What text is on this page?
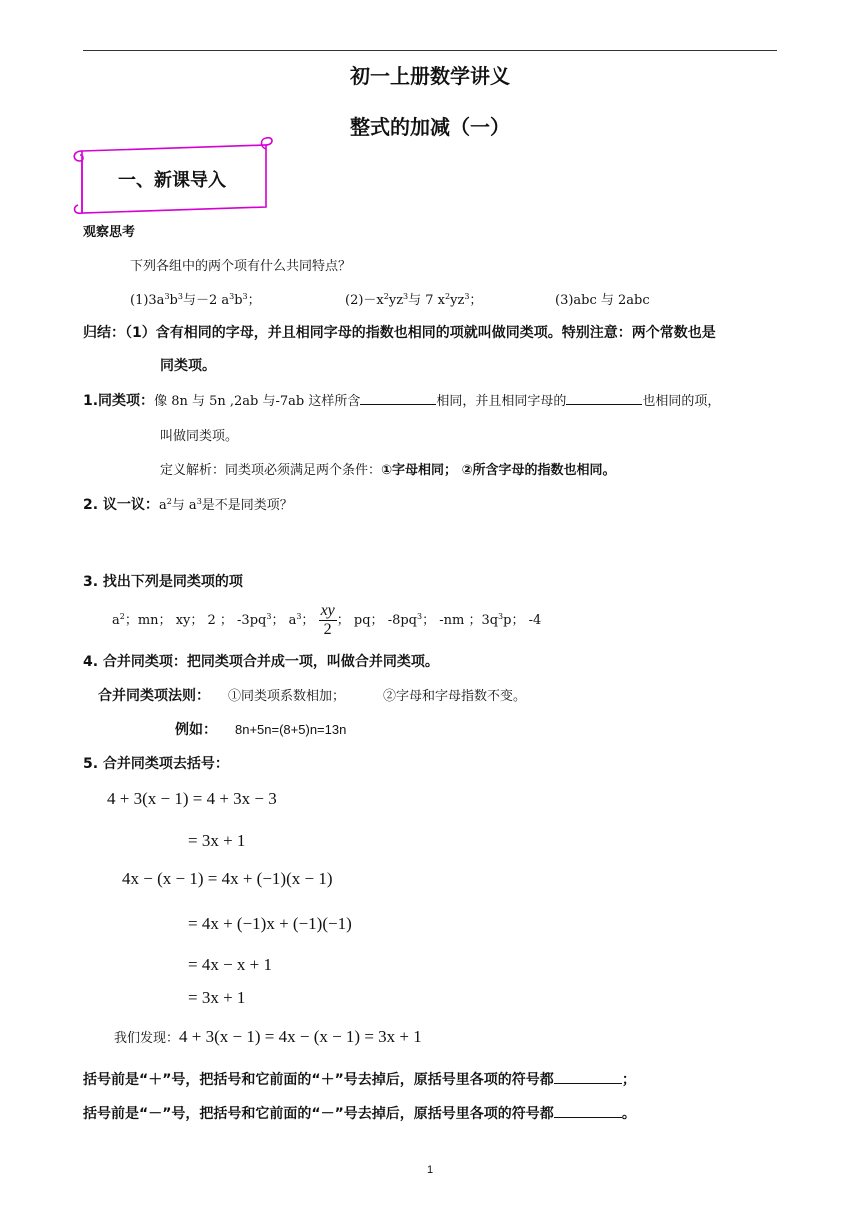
初一上册数学讲义
整式的加减（一）
一、新课导入
观察思考
下列各组中的两个项有什么共同特点？
$(1)3a^3b^3$与－2 $a^3b^3$；	$(2)-x^2yz^3$与 7 $x^2yz^3$；	(3)abc 与 2abc
归结：（1）含有相同的字母，并且相同字母的指数也相同的项就叫做同类项。特别注意：两个常数也是
同类项。
1.同类项：像 8n 与 5n ,2ab 与-7ab 这样所含	相同，并且相同字母的	也相同的项，
叫做同类项。
定义解析：同类项必须满足两个条件：①字母相同； ②所含字母的指数也相同。
2. 议一议：$a^2$与 $a^3$是不是同类项？
3. 找出下列是同类项的项
$a^2$；mn； xy； 2 ； $-3pq^3$； $a^3$； $\frac{xy}{2}$ ； pq； $-8pq^3$； -nm ；$3q^3p$； -4
4. 合并同类项：把同类项合并成一项，叫做合并同类项。
合并同类项法则： ①同类项系数相加；	②字母和字母指数不变。
例如： 8n+5n=(8+5)n=13n
5. 合并同类项去括号：
4 + 3(x − 1) = 4 + 3x − 3
= 3x + 1
4x − (x − 1) = 4x + (−1)(x − 1)
= 4x + (−1)x + (−1)(−1)
= 4x − x + 1
= 3x + 1
我们发现：4 + 3(x − 1) = 4x − (x − 1) = 3x + 1
括号前是“＋”号，把括号和它前面的“＋”号去掉后，原括号里各项的符号都	；
括号前是“－”号，把括号和它前面的“－”号去掉后，原括号里各项的符号都	。
1
